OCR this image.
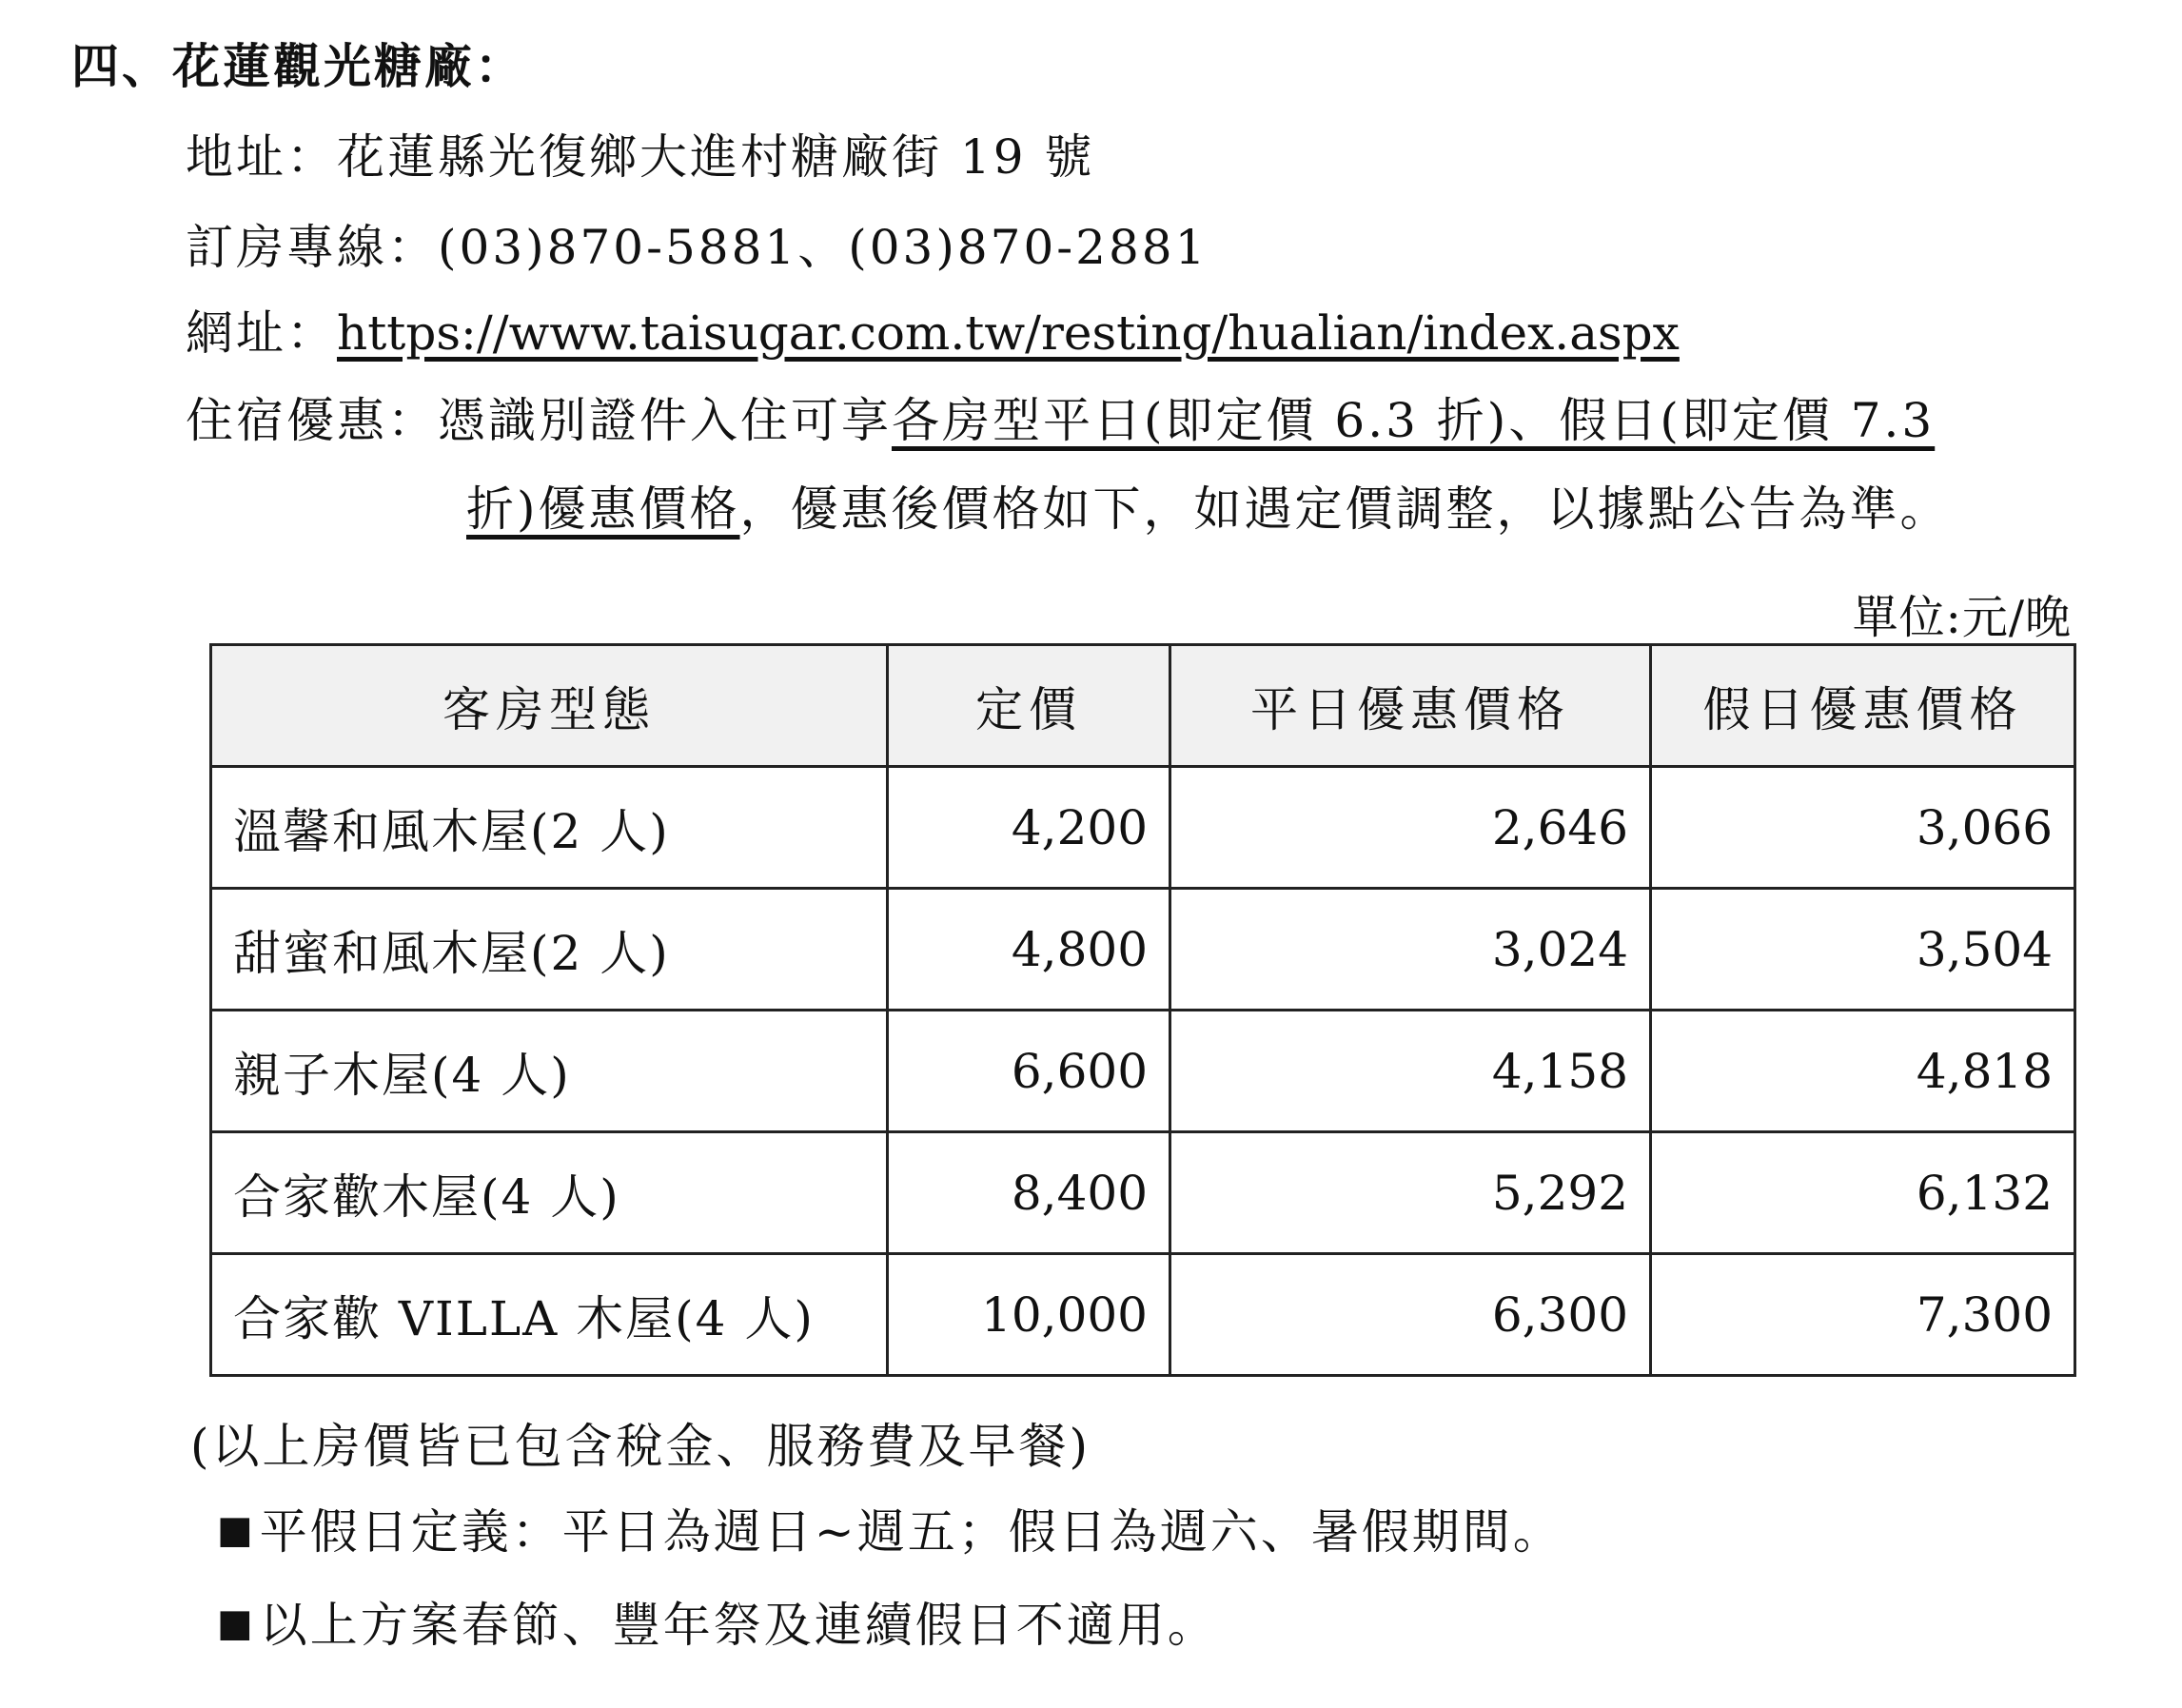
四、花蓮觀光糖廠：
地址：花蓮縣光復鄉大進村糖廠街 19 號
訂房專線：(03)870-5881、(03)870-2881
網址：https://www.taisugar.com.tw/resting/hualian/index.aspx
住宿優惠：憑識別證件入住可享各房型平日(即定價 6.3 折)、假日(即定價 7.3
折)優惠價格，優惠後價格如下，如遇定價調整，以據點公告為準。
單位:元/晚
客房型態	定價	平日優惠價格	假日優惠價格
溫馨和風木屋(2 人)	4,200	2,646	3,066
甜蜜和風木屋(2 人)	4,800	3,024	3,504
親子木屋(4 人)	6,600	4,158	4,818
合家歡木屋(4 人)	8,400	5,292	6,132
合家歡 VILLA 木屋(4 人)	10,000	6,300	7,300
(以上房價皆已包含稅金、服務費及早餐)
■平假日定義：平日為週日~週五；假日為週六、暑假期間。
■以上方案春節、豐年祭及連續假日不適用。
